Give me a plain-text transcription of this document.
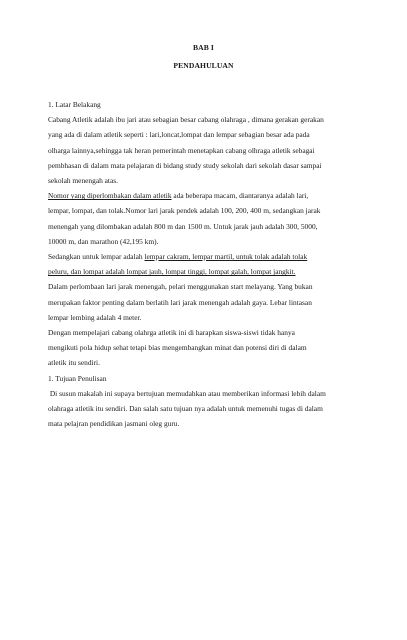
BAB I
PENDAHULUAN
1. Latar Belakang
Cabang Atletik adalah ibu jari atau sebagian besar cabang olahraga , dimana gerakan gerakan
yang ada di dalam atletik seperti : lari,loncat,lompat dan lempar sebagian besar ada pada
olharga lainnya,sehingga tak heran pemerintah menetapkan cabang olhraga atletik sebagai
pembhasan di dalam mata pelajaran di bidang study study sekolah dari sekolah dasar sampai
sekolah menengah atas.
Nomor yang diperlombakan dalam atletik ada beberapa macam, diantaranya adalah lari,
lempar, lompat, dan tolak.Nomor lari jarak pendek adalah 100, 200, 400 m, sedangkan jarak
menengah yang dilombakan adalah 800 m dan 1500 m. Untuk jarak jauh adalah 300, 5000,
10000 m, dan marathon (42,195 km).
Sedangkan untuk lempar adalah lempar cakram, lempar martil, untuk tolak adalah tolak
peluru, dan lompat adalah lompat jauh, lompat tinggi, lompat galah, lompat jangkit.
Dalam perlombaan lari jarak menengah, pelari menggunakan start melayang. Yang bukan
merupakan faktor penting dalam berlatih lari jarak menengah adalah gaya. Lebar lintasan
lempar lembing adalah 4 meter.
Dengan mempelajari cabang olahrga atletik ini di harapkan siswa-siswi tidak hanya
mengikuti pola hidup sehat tetapi bias mengembangkan minat dan potensi diri di dalam
atletik itu sendiri.
1. Tujuan Penulisan
Di susun makalah ini supaya bertujuan memudahkan atau memberikan informasi lebih dalam
olahraga atletik itu sendiri. Dan salah satu tujuan nya adalah untuk memenuhi tugas di dalam
mata pelajran pendidikan jasmani oleg guru.
